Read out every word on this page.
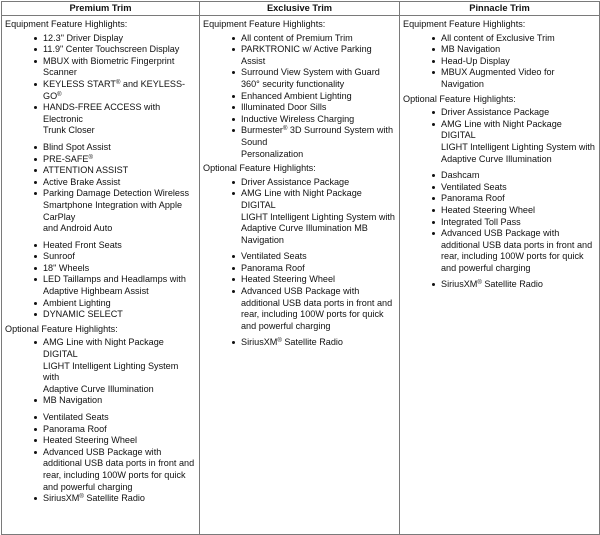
Premium Trim	Exclusive Trim	Pinnacle Trim
Equipment Feature Highlights:
12.3" Driver Display
11.9" Center Touchscreen Display
MBUX with Biometric Fingerprint
Scanner
KEYLESS START® and KEYLESS-
GO®
HANDS-FREE ACCESS with Electronic
Trunk Closer
Blind Spot Assist
PRE-SAFE®
ATTENTION ASSIST
Active Brake Assist
Parking Damage Detection Wireless
Smartphone Integration with Apple
CarPlay
and Android Auto
Heated Front Seats
Sunroof
18" Wheels
LED Taillamps and Headlamps with
Adaptive Highbeam Assist
Ambient Lighting
DYNAMIC SELECT
Optional Feature Highlights:
AMG Line with Night Package DIGITAL
LIGHT Intelligent Lighting System with
Adaptive Curve Illumination
MB Navigation
Ventilated Seats
Panorama Roof
Heated Steering Wheel
Advanced USB Package with
additional USB data ports in front and
rear, including 100W ports for quick
and powerful charging
SiriusXM® Satellite Radio
Equipment Feature Highlights:
All content of Premium Trim
PARKTRONIC w/ Active Parking Assist
Surround View System with Guard
360° security functionality
Enhanced Ambient Lighting
Illuminated Door Sills
Inductive Wireless Charging
Burmester® 3D Surround System with
Sound
Personalization
Optional Feature Highlights:
Driver Assistance Package
AMG Line with Night Package DIGITAL
LIGHT Intelligent Lighting System with
Adaptive Curve Illumination MB
Navigation
Ventilated Seats
Panorama Roof
Heated Steering Wheel
Advanced USB Package with
additional USB data ports in front and
rear, including 100W ports for quick
and powerful charging
SiriusXM® Satellite Radio
Equipment Feature Highlights:
All content of Exclusive Trim
MB Navigation
Head-Up Display
MBUX Augmented Video for
Navigation
Optional Feature Highlights:
Driver Assistance Package
AMG Line with Night Package DIGITAL
LIGHT Intelligent Lighting System with
Adaptive Curve Illumination
Dashcam
Ventilated Seats
Panorama Roof
Heated Steering Wheel
Integrated Toll Pass
Advanced USB Package with
additional USB data ports in front and
rear, including 100W ports for quick
and powerful charging
SiriusXM® Satellite Radio
